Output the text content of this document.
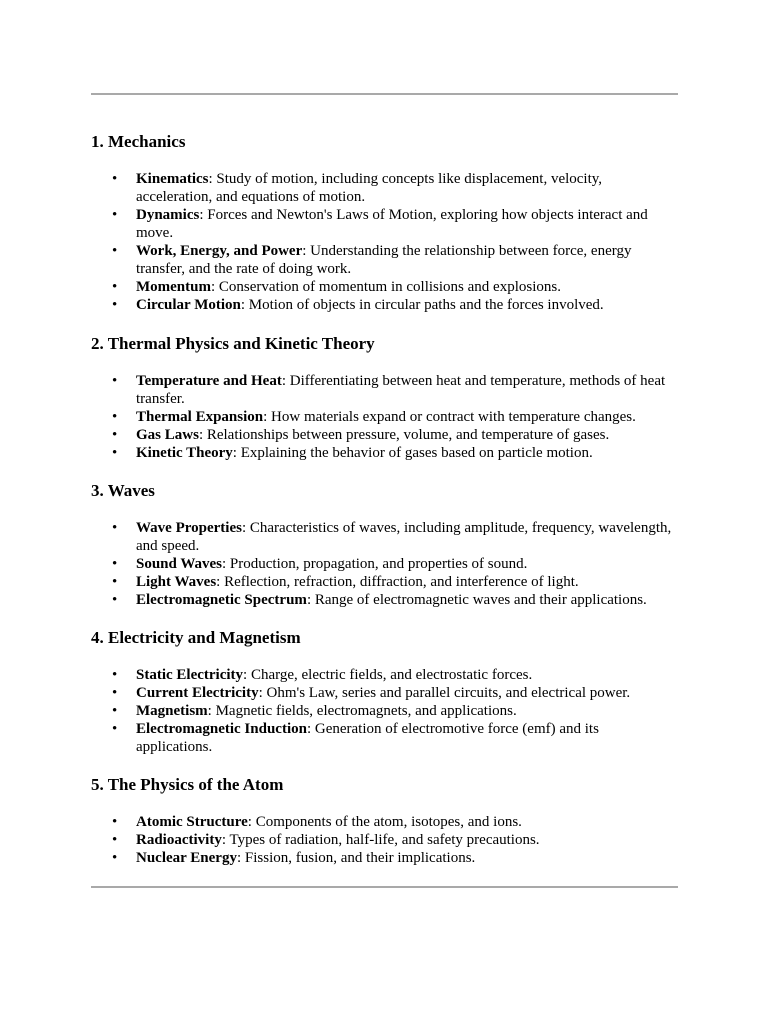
1. Mechanics
• Kinematics: Study of motion, including concepts like displacement, velocity, acceleration, and equations of motion.
• Dynamics: Forces and Newton's Laws of Motion, exploring how objects interact and move.
• Work, Energy, and Power: Understanding the relationship between force, energy transfer, and the rate of doing work.
• Momentum: Conservation of momentum in collisions and explosions.
• Circular Motion: Motion of objects in circular paths and the forces involved.
2. Thermal Physics and Kinetic Theory
• Temperature and Heat: Differentiating between heat and temperature, methods of heat transfer.
• Thermal Expansion: How materials expand or contract with temperature changes.
• Gas Laws: Relationships between pressure, volume, and temperature of gases.
• Kinetic Theory: Explaining the behavior of gases based on particle motion.
3. Waves
• Wave Properties: Characteristics of waves, including amplitude, frequency, wavelength, and speed.
• Sound Waves: Production, propagation, and properties of sound.
• Light Waves: Reflection, refraction, diffraction, and interference of light.
• Electromagnetic Spectrum: Range of electromagnetic waves and their applications.
4. Electricity and Magnetism
• Static Electricity: Charge, electric fields, and electrostatic forces.
• Current Electricity: Ohm's Law, series and parallel circuits, and electrical power.
• Magnetism: Magnetic fields, electromagnets, and applications.
• Electromagnetic Induction: Generation of electromotive force (emf) and its applications.
5. The Physics of the Atom
• Atomic Structure: Components of the atom, isotopes, and ions.
• Radioactivity: Types of radiation, half-life, and safety precautions.
• Nuclear Energy: Fission, fusion, and their implications.
